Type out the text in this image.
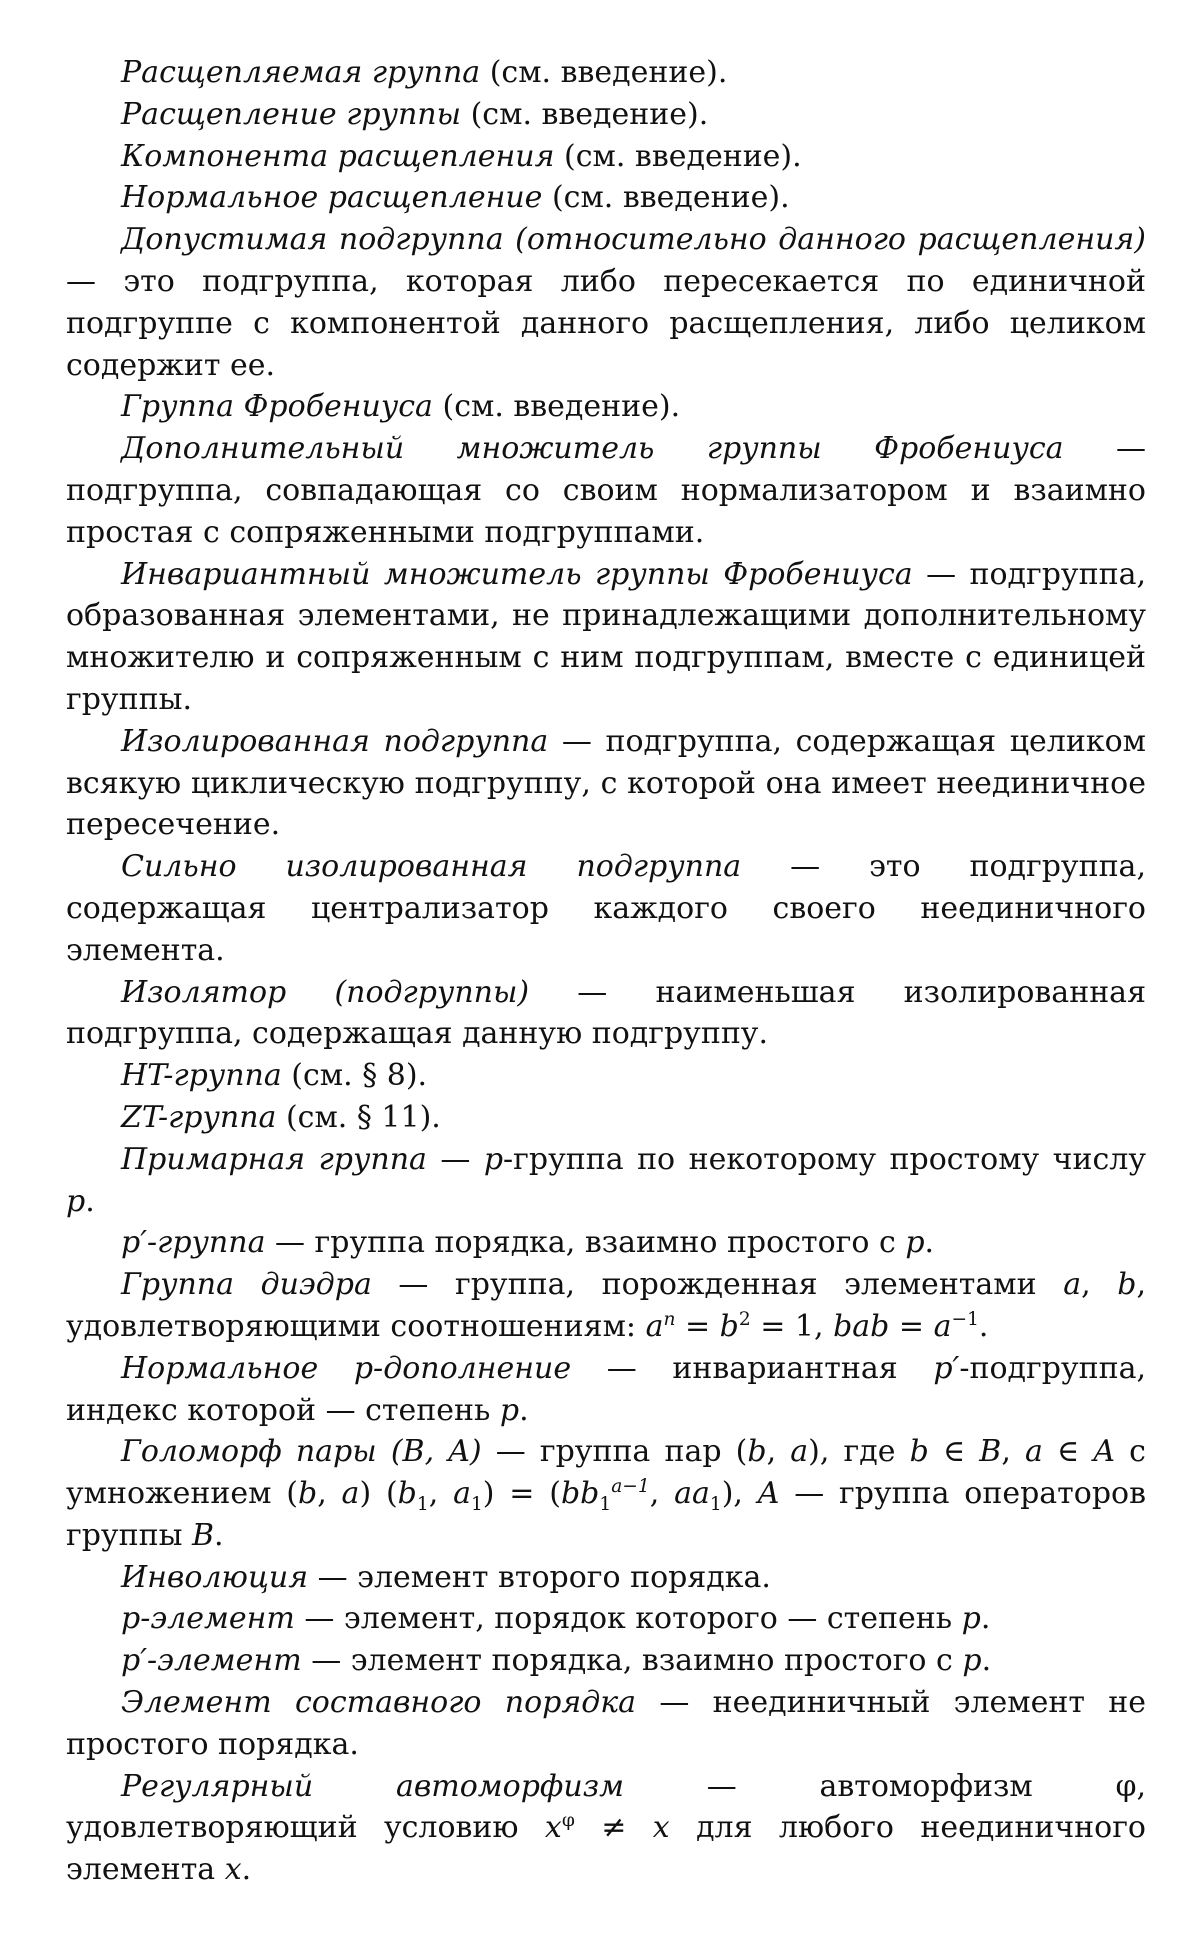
Расщепляемая группа (см. введение).

Расщепление группы (см. введение).

Компонента расщепления (см. введение).

Нормальное расщепление (см. введение).

Допустимая подгруппа (относительно данного расщепления) — это подгруппа, которая либо пересекается по единичной подгруппе с компонентой данного расщепления, либо целиком содержит ее.

Группа Фробениуса (см. введение).

Дополнительный множитель группы Фробениуса — подгруппа, совпадающая со своим нормализатором и взаимно простая с сопряженными подгруппами.

Инвариантный множитель группы Фробениуса — подгруппа, образованная элементами, не принадлежащими дополнительному множителю и сопряженным с ним подгруппам, вместе с единицей группы.

Изолированная подгруппа — подгруппа, содержащая целиком всякую циклическую подгруппу, с которой она имеет неединичное пересечение.

Сильно изолированная подгруппа — это подгруппа, содержащая централизатор каждого своего неединичного элемента.

Изолятор (подгруппы) — наименьшая изолированная подгруппа, содержащая данную подгруппу.

HT-группа (см. § 8).

ZT-группа (см. § 11).

Примарная группа — p-группа по некоторому простому числу p.

p′-группа — группа порядка, взаимно простого с p.

Группа диэдра — группа, порожденная элементами a, b, удовлетворяющими соотношениям: $a^n = b^2 = 1$, bab = $a^{-1}$.

Нормальное p-дополнение — инвариантная p′-подгруппа, индекс которой — степень p.

Голоморф пары (B, A) — группа пар (b, a), где b ∈ B, a ∈ A с умножением (b, a) ($b_1$, $a_1) = (bb_1^{a-1}$, $aa_1$), A — группа операторов группы B.

Инволюция — элемент второго порядка.

p-элемент — элемент, порядок которого — степень p.

p′-элемент — элемент порядка, взаимно простого с p.

Элемент составного порядка — неединичный элемент не простого порядка.

Регулярный автоморфизм — автоморфизм φ, удовлетворяющий условию $x^\varphi \ne x$ для любого неединичного элемента x.
